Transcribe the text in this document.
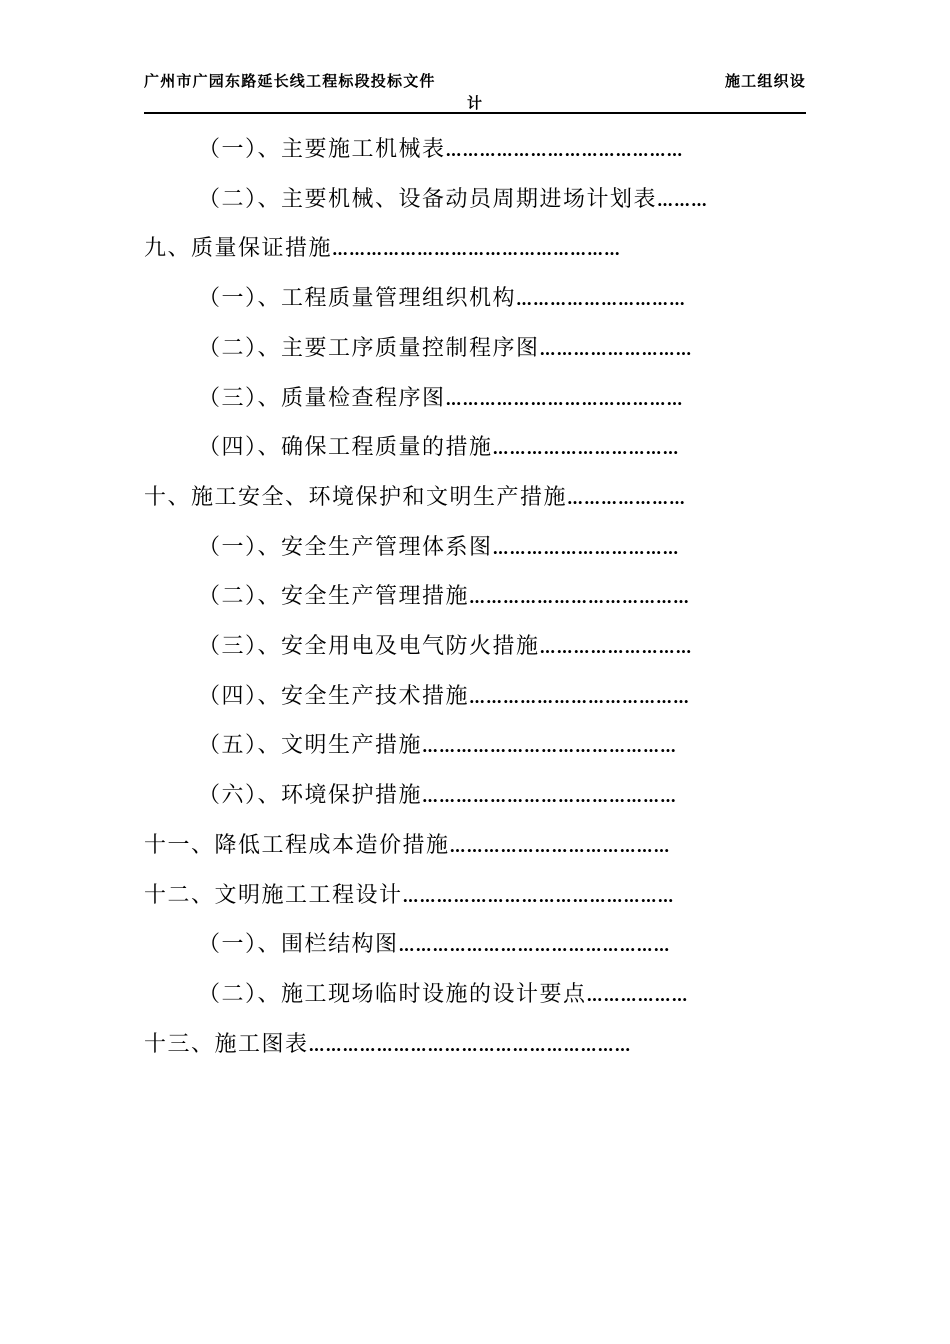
广州市广园东路延长线工程标段投标文件	施工组织设
计
（一）、主要施工机械表……………………………………
（二）、主要机械、设备动员周期进场计划表………
九、质量保证措施……………………………………………
（一）、工程质量管理组织机构…………………………
（二）、主要工序质量控制程序图………………………
（三）、质量检查程序图……………………………………
（四）、确保工程质量的措施……………………………
十、施工安全、环境保护和文明生产措施…………………
（一）、安全生产管理体系图……………………………
（二）、安全生产管理措施…………………………………
（三）、安全用电及电气防火措施………………………
（四）、安全生产技术措施…………………………………
（五）、文明生产措施………………………………………
（六）、环境保护措施………………………………………
十一、降低工程成本造价措施…………………………………
十二、文明施工工程设计…………………………………………
（一）、围栏结构图…………………………………………
（二）、施工现场临时设施的设计要点………………
十三、施工图表…………………………………………………
